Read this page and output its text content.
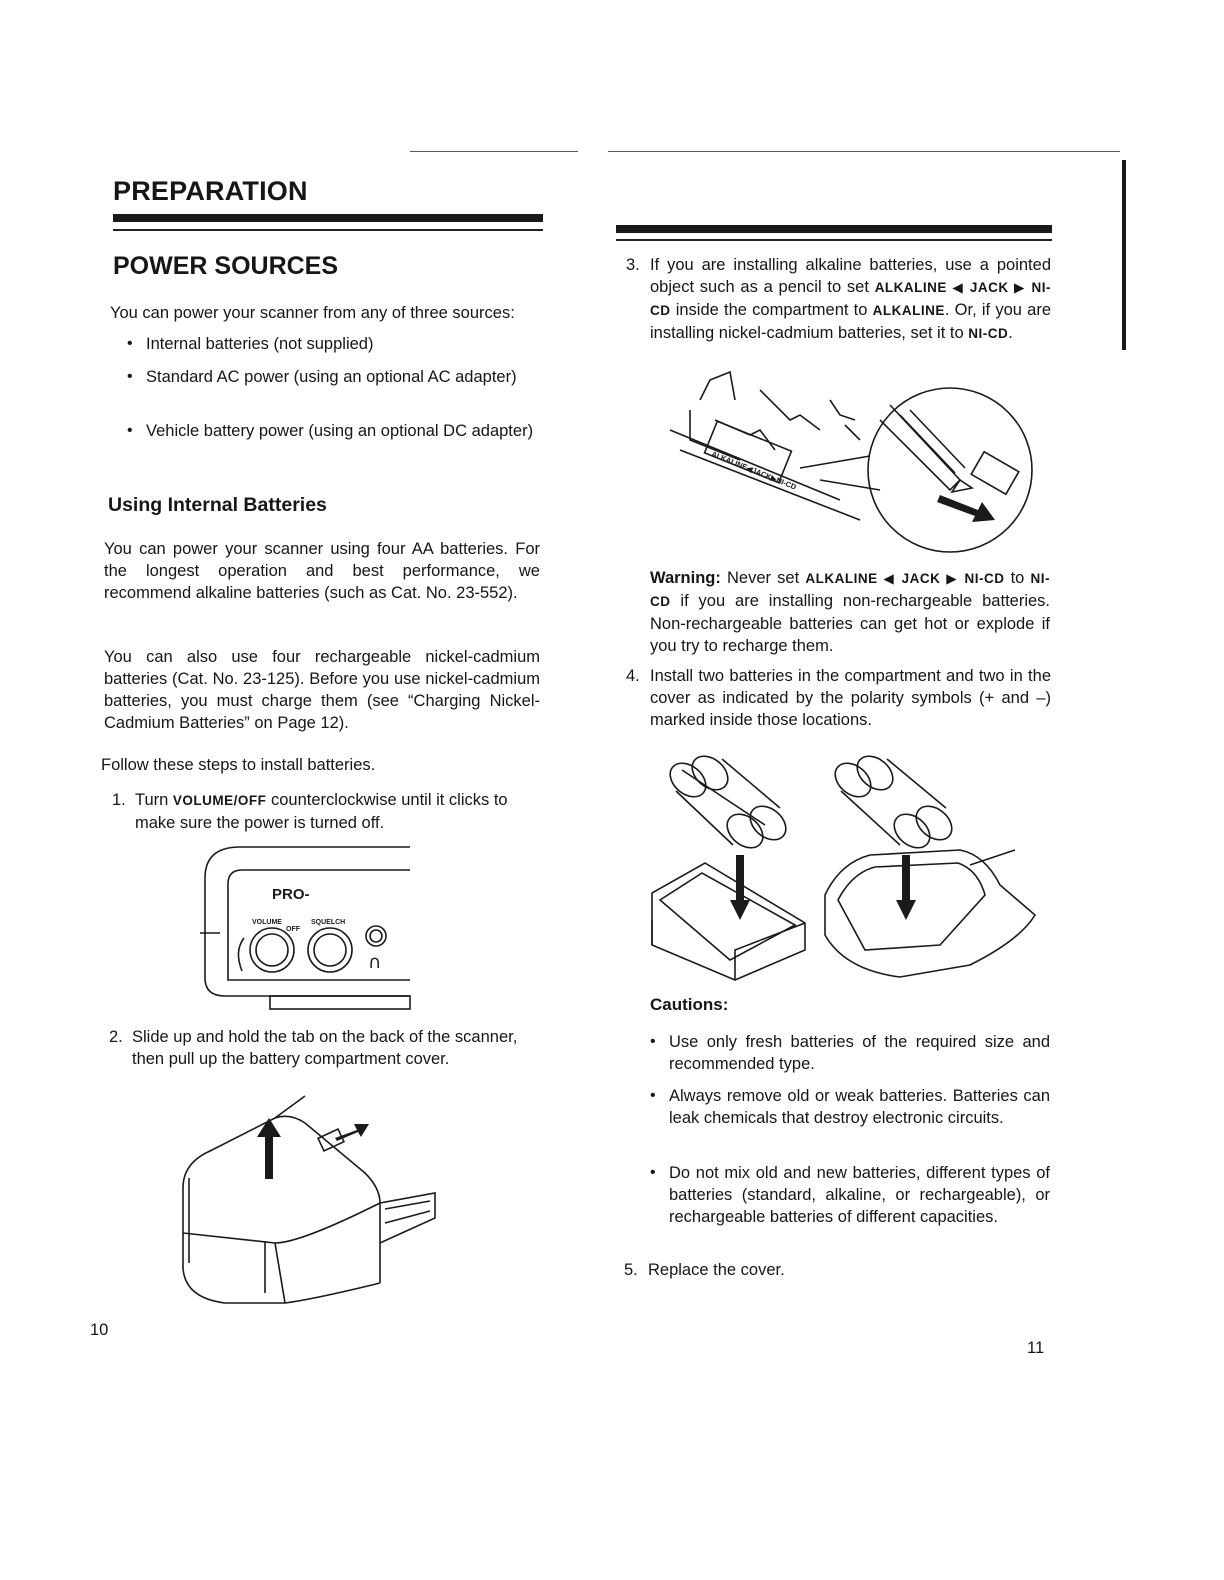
PREPARATION
POWER SOURCES
You can power your scanner from any of three sources:
• Internal batteries (not supplied)
• Standard AC power (using an optional AC adapter)
• Vehicle battery power (using an optional DC adapter)
Using Internal Batteries
You can power your scanner using four AA batteries. For the longest operation and best performance, we recommend alkaline batteries (such as Cat. No. 23-552).
You can also use four rechargeable nickel-cadmium batteries (Cat. No. 23-125). Before you use nickel-cadmium batteries, you must charge them (see “Charging Nickel-Cadmium Batteries” on Page 12).
Follow these steps to install batteries.
1. Turn VOLUME/OFF counterclockwise until it clicks to make sure the power is turned off.
PRO-
VOLUME
OFF
SQUELCH
∩
2. Slide up and hold the tab on the back of the scanner, then pull up the battery compartment cover.
10
3. If you are installing alkaline batteries, use a pointed object such as a pencil to set ALKALINE ◀ JACK ▶ NI-CD inside the compartment to ALKALINE. Or, if you are installing nickel-cadmium batteries, set it to NI-CD.
ALKALINE◀JACK▶NI-CD
Warning: Never set ALKALINE ◀ JACK ▶ NI-CD to NI-CD if you are installing non-rechargeable batteries. Non-rechargeable batteries can get hot or explode if you try to recharge them.
4. Install two batteries in the compartment and two in the cover as indicated by the polarity symbols (+ and –) marked inside those locations.
Cautions:
• Use only fresh batteries of the required size and recommended type.
• Always remove old or weak batteries. Batteries can leak chemicals that destroy electronic circuits.
• Do not mix old and new batteries, different types of batteries (standard, alkaline, or rechargeable), or rechargeable batteries of different capacities.
5. Replace the cover.
11
